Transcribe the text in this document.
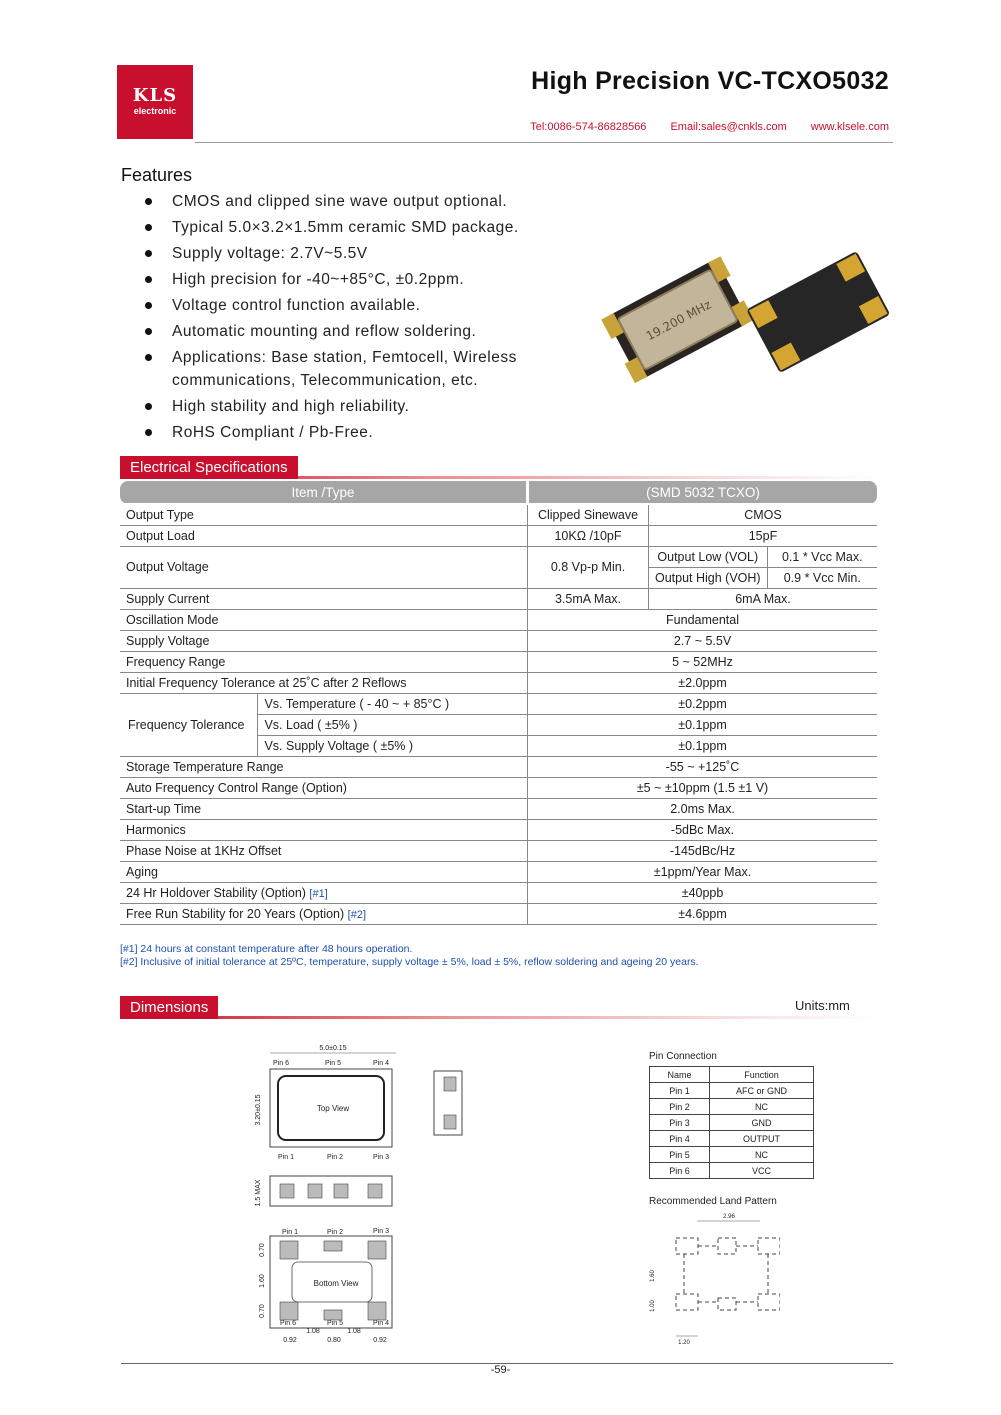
KLS
electronic
High Precision VC-TCXO5032
Tel:0086-574-86828566 Email:sales@cnkls.com www.klsele.com
Features
CMOS and clipped sine wave output optional.
Typical 5.0×3.2×1.5mm ceramic SMD package.
Supply voltage: 2.7V~5.5V
High precision for -40~+85°C, ±0.2ppm.
Voltage control function available.
Automatic mounting and reflow soldering.
Applications: Base station, Femtocell, Wireless communications, Telecommunication, etc.
High stability and high reliability.
RoHS Compliant / Pb-Free.
19.200 MHz
Electrical Specifications
Item /Type		(SMD 5032 TCXO)		
Output Type		Clipped Sinewave	CMOS	
Output Load		10KΩ /10pF	15pF	
Output Voltage		0.8 Vp-p Min.	Output Low (VOL)	0.1 * Vcc Max.
			Output High (VOH)	0.9 * Vcc Min.
Supply Current		3.5mA Max.	6mA Max.	
Oscillation Mode		Fundamental		
Supply Voltage		2.7 ~ 5.5V		
Frequency Range		5 ~ 52MHz		
Initial Frequency Tolerance at 25˚C after 2 Reflows		±2.0ppm		
Frequency Tolerance	Vs. Temperature ( - 40 ~ + 85°C )	±0.2ppm		
	Vs. Load ( ±5% )	±0.1ppm		
	Vs. Supply Voltage ( ±5% )	±0.1ppm		
Storage Temperature Range		-55 ~ +125˚C		
Auto Frequency Control Range (Option)		±5 ~ ±10ppm (1.5 ±1 V)		
Start-up Time		2.0ms Max.		
Harmonics		-5dBc Max.		
Phase Noise at 1KHz Offset		-145dBc/Hz		
Aging		±1ppm/Year Max.		
24 Hr Holdover Stability (Option) [#1]		±40ppb		
Free Run Stability for 20 Years (Option) [#2]		±4.6ppm		
[#1] 24 hours at constant temperature after 48 hours operation.
[#2] Inclusive of initial tolerance at 25ºC, temperature, supply voltage ± 5%, load ± 5%, reflow soldering and ageing 20 years.
Dimensions	Units:mm
5.0±0.15
Pin 6	Pin 5	Pin 4
Top View
3.20±0.15
Pin 1	Pin 2	Pin 3
1.5 MAX
Pin 1	Pin 2	Pin 3
Bottom View
0.70
1.60
0.70
Pin 6	Pin 5	Pin 4
1.08	1.08
0.92	0.80	0.92
Pin Connection
Name	Function
Pin 1	AFC or GND
Pin 2	NC
Pin 3	GND
Pin 4	OUTPUT
Pin 5	NC
Pin 6	VCC
Recommended Land Pattern
2.96
1.60
1.00
1.20
-59-
